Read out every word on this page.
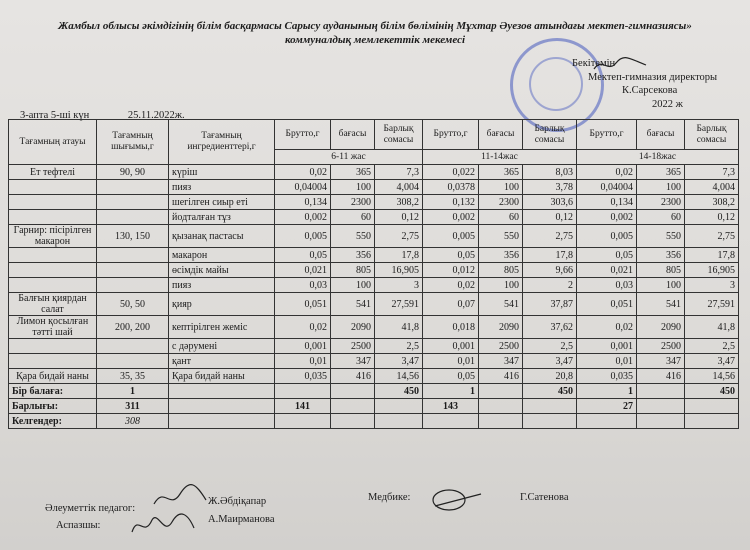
Жамбыл облысы әкімдігінің білім басқармасы Сарысу ауданының білім бөлімінің Мұхтар Әуезов атындағы мектеп-гимназиясы»
коммуналдық мемлекеттік мекемесі
Бекітемін
Мектеп-гимназия директоры
К.Сарсекова
2022 ж
3-апта 5-ші күн	25.11.2022ж.
Тағамның атауы	Тағамның шығымы,г	Тағамның ингредиенттері,г	Брутто,г	бағасы	Барлық сомасы	Брутто,г	бағасы	Барлық сомасы	Брутто,г	бағасы	Барлық сомасы
			6-11 жас			11-14жас			14-18жас		
Ет тефтелі	90, 90	күріш	0,02	365	7,3	0,022	365	8,03	0,02	365	7,3
		пияз	0,04004	100	4,004	0,0378	100	3,78	0,04004	100	4,004
		шегілген сиыр еті	0,134	2300	308,2	0,132	2300	303,6	0,134	2300	308,2
		йодталған тұз	0,002	60	0,12	0,002	60	0,12	0,002	60	0,12
Гарнир: пісірілген макарон	130, 150	қызанақ пастасы	0,005	550	2,75	0,005	550	2,75	0,005	550	2,75
		макарон	0,05	356	17,8	0,05	356	17,8	0,05	356	17,8
		өсімдік майы	0,021	805	16,905	0,012	805	9,66	0,021	805	16,905
		пияз	0,03	100	3	0,02	100	2	0,03	100	3
Балғын қиярдан салат	50, 50	қияр	0,051	541	27,591	0,07	541	37,87	0,051	541	27,591
Лимон қосылған тәтті шай	200, 200	кептірілген жеміс	0,02	2090	41,8	0,018	2090	37,62	0,02	2090	41,8
		с дәрумені	0,001	2500	2,5	0,001	2500	2,5	0,001	2500	2,5
		қант	0,01	347	3,47	0,01	347	3,47	0,01	347	3,47
Қара бидай наны	35, 35	Қара бидай наны	0,035	416	14,56	0,05	416	20,8	0,035	416	14,56
Бір балаға:	1				450	1		450	1		450
Барлығы:	311		141			143			27		
Келгендер:	308										
Әлеуметтік педагог:
Ж.Әбдіқапар	Медбике:	Г.Сатенова
Аспазшы:
А.Маирманова
